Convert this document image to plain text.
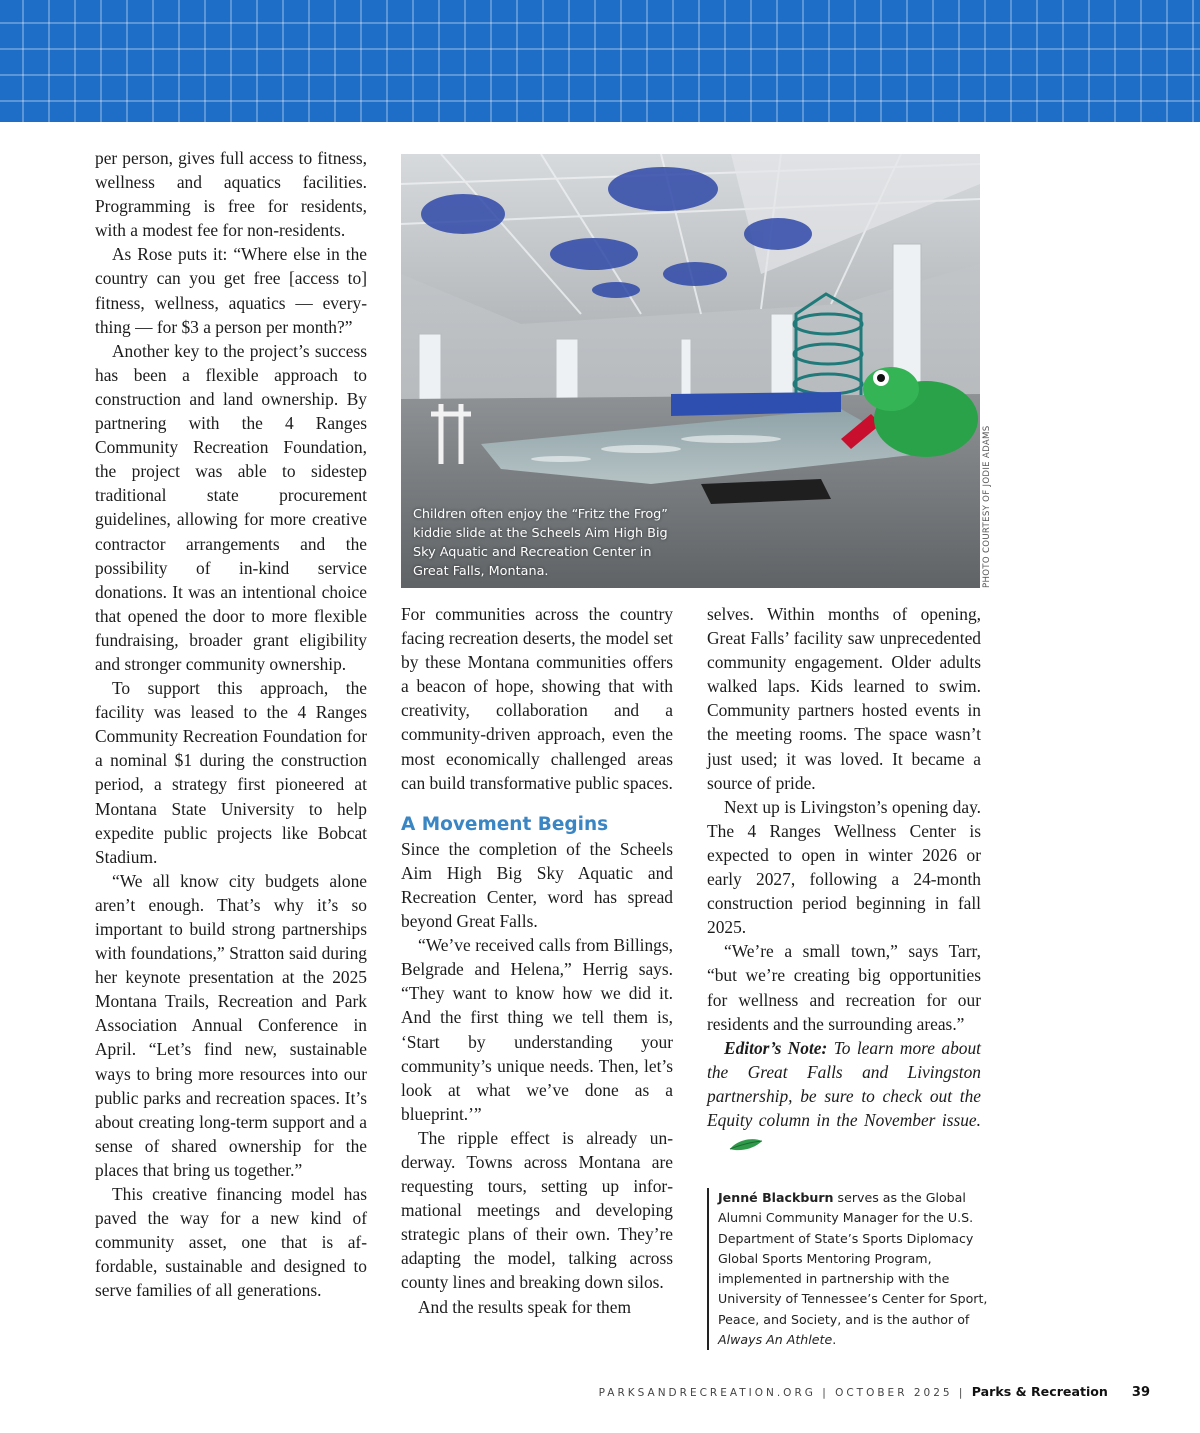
per person, gives full access to fitness, wellness and aquatics facilities. Programming is free for residents, with a modest fee for non-residents.

As Rose puts it: “Where else in the country can you get free [access to] fitness, wellness, aquatics — everything — for $3 a person per month?”

Another key to the project’s success has been a flexible approach to construction and land ownership. By partnering with the 4 Ranges Community Recreation Foundation, the project was able to sidestep traditional state procurement guidelines, allowing for more creative contractor arrangements and the possibility of in-kind service donations. It was an intentional choice that opened the door to more flexible fundraising, broader grant eligibility and stronger community ownership.

To support this approach, the facility was leased to the 4 Ranges Community Recreation Foundation for a nominal $1 during the construction period, a strategy first pioneered at Montana State University to help expedite public projects like Bobcat Stadium.

“We all know city budgets alone aren’t enough. That’s why it’s so important to build strong partnerships with foundations,” Stratton said during her keynote presentation at the 2025 Montana Trails, Recreation and Park Association Annual Conference in April. “Let’s find new, sustainable ways to bring more resources into our public parks and recreation spaces. It’s about creating long-term support and a sense of shared ownership for the places that bring us together.”

This creative financing model has paved the way for a new kind of community asset, one that is affordable, sustainable and designed to serve families of all generations.

Children often enjoy the “Fritz the Frog” kiddie slide at the Scheels Aim High Big Sky Aquatic and Recreation Center in Great Falls, Montana.	PHOTO COURTESY OF JODIE ADAMS

For communities across the country facing recreation deserts, the model set by these Montana communities offers a beacon of hope, showing that with creativity, collaboration and a community-driven approach, even the most economically challenged areas can build transformative public spaces.

A Movement Begins

Since the completion of the Scheels Aim High Big Sky Aquatic and Recreation Center, word has spread beyond Great Falls.

“We’ve received calls from Billings, Belgrade and Helena,” Herrig says. “They want to know how we did it. And the first thing we tell them is, ‘Start by understanding your community’s unique needs. Then, let’s look at what we’ve done as a blueprint.’”

The ripple effect is already underway. Towns across Montana are requesting tours, setting up informational meetings and developing strategic plans of their own. They’re adapting the model, talking across county lines and breaking down silos.

And the results speak for them

selves. Within months of opening, Great Falls’ facility saw unprecedented community engagement. Older adults walked laps. Kids learned to swim. Community partners hosted events in the meeting rooms. The space wasn’t just used; it was loved. It became a source of pride.

Next up is Livingston’s opening day. The 4 Ranges Wellness Center is expected to open in winter 2026 or early 2027, following a 24-month construction period beginning in fall 2025.

“We’re a small town,” says Tarr, “but we’re creating big opportunities for wellness and recreation for our residents and the surrounding areas.”

Editor’s Note: To learn more about the Great Falls and Livingston partnership, be sure to check out the Equity column in the November issue.

Jenné Blackburn serves as the Global Alumni Community Manager for the U.S. Department of State’s Sports Diplomacy Global Sports Mentoring Program, implemented in partnership with the University of Tennessee’s Center for Sport, Peace, and Society, and is the author of Always An Athlete.
PARKSANDRECREATION.ORG | OCTOBER 2025 | Parks & Recreation 39
